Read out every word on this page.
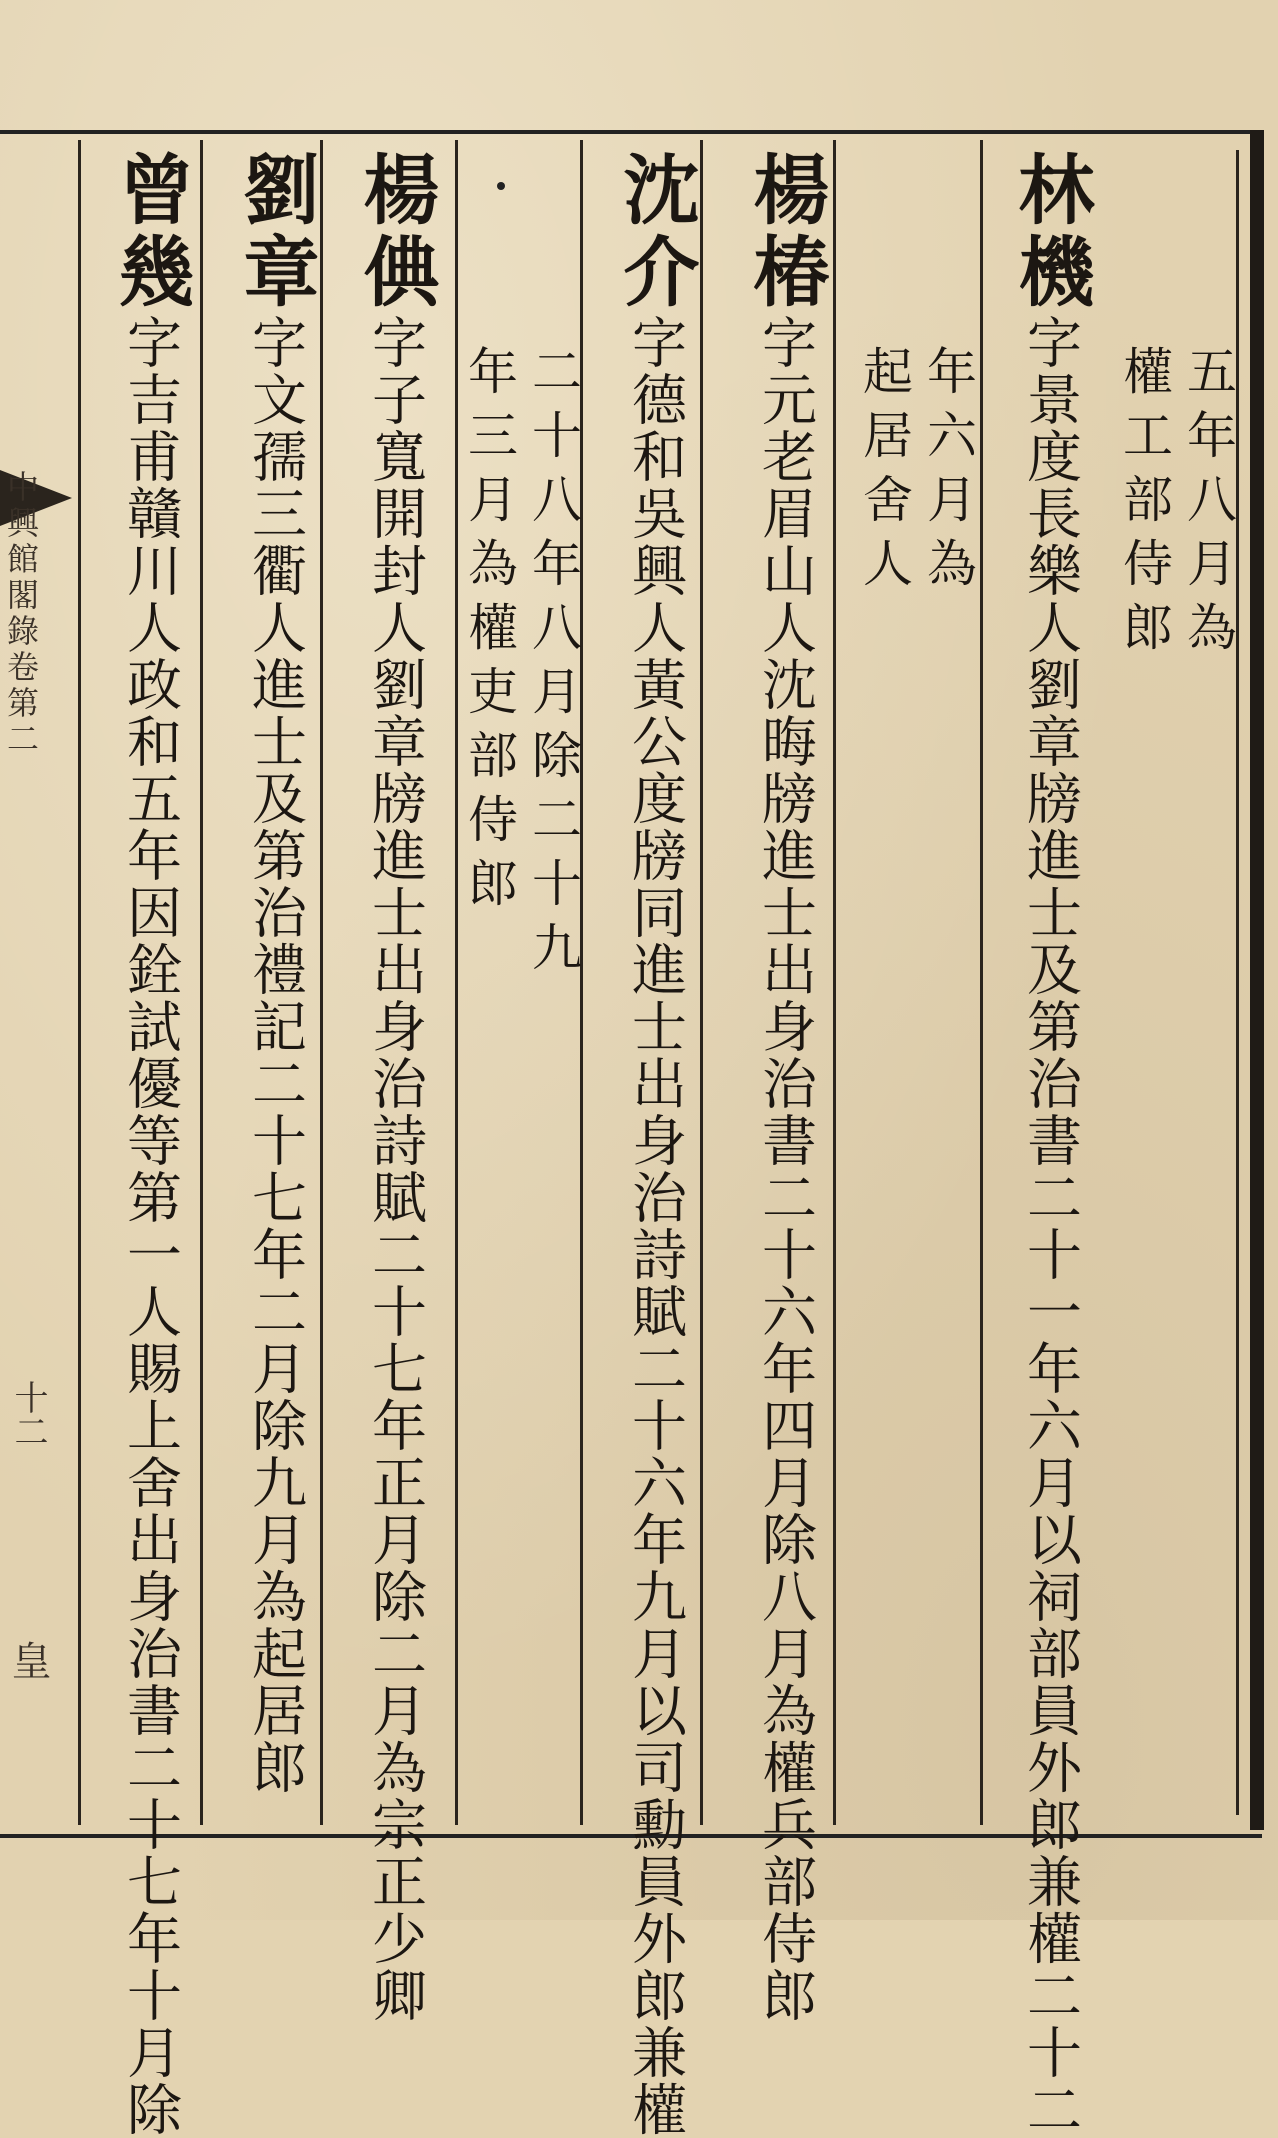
中興館閣錄卷第二
十二
皇
林機字景度長樂人劉章牓進士及第治書二十一年六月以祠部員外郎兼權二十二	五年八月為
權工部侍郎
楊椿字元老眉山人沈晦牓進士出身治書二十六年四月除八月為權兵部侍郎	年六月為
起居舍人
沈介字德和吳興人黃公度牓同進士出身治詩賦二十六年九月以司勳員外郎兼權
二十八年八月除二十九
年三月為權吏部侍郎
楊倎字子寬開封人劉章牓進士出身治詩賦二十七年正月除二月為宗正少卿
劉章字文孺三衢人進士及第治禮記二十七年二月除九月為起居郎
曾幾字吉甫贛川人政和五年因銓試優等第一人賜上舍出身治書二十七年十月除
